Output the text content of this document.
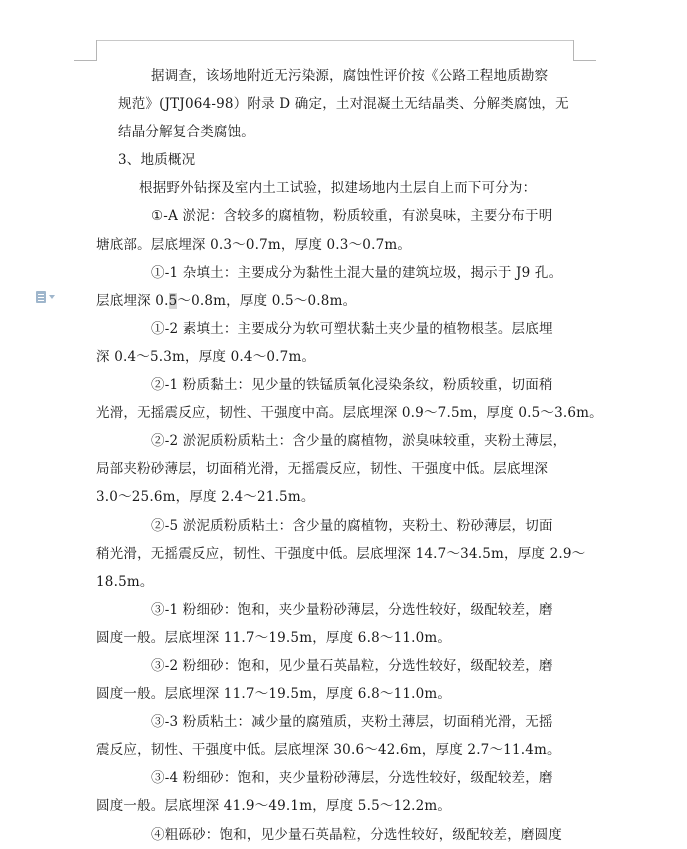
据调查，该场地附近无污染源，腐蚀性评价按《公路工程地质勘察

规范》(JTJ064-98）附录 D 确定，土对混凝土无结晶类、分解类腐蚀，无

结晶分解复合类腐蚀。

3、地质概况

根据野外钻探及室内土工试验，拟建场地内土层自上而下可分为：

①-A 淤泥：含较多的腐植物，粉质较重，有淤臭味，主要分布于明

塘底部。层底埋深 0.3～0.7m，厚度 0.3～0.7m。

①-1 杂填土：主要成分为黏性土混大量的建筑垃圾，揭示于 J9 孔。

层底埋深 0.5～0.8m，厚度 0.5～0.8m。

①-2 素填土：主要成分为软可塑状黏土夹少量的植物根茎。层底埋

深 0.4～5.3m，厚度 0.4～0.7m。

②-1 粉质黏土：见少量的铁锰质氧化浸染条纹，粉质较重，切面稍

光滑，无摇震反应，韧性、干强度中高。层底埋深 0.9～7.5m，厚度 0.5～3.6m。

②-2 淤泥质粉质粘土：含少量的腐植物，淤臭味较重，夹粉土薄层，

局部夹粉砂薄层，切面稍光滑，无摇震反应，韧性、干强度中低。层底埋深

3.0～25.6m，厚度 2.4～21.5m。

②-5 淤泥质粉质粘土：含少量的腐植物，夹粉土、粉砂薄层，切面

稍光滑，无摇震反应，韧性、干强度中低。层底埋深 14.7～34.5m，厚度 2.9～

18.5m。

③-1 粉细砂：饱和，夹少量粉砂薄层，分选性较好，级配较差，磨

圆度一般。层底埋深 11.7～19.5m，厚度 6.8～11.0m。

③-2 粉细砂：饱和，见少量石英晶粒，分选性较好，级配较差，磨

圆度一般。层底埋深 11.7～19.5m，厚度 6.8～11.0m。

③-3 粉质粘土：减少量的腐殖质，夹粉土薄层，切面稍光滑，无摇

震反应，韧性、干强度中低。层底埋深 30.6～42.6m，厚度 2.7～11.4m。

③-4 粉细砂：饱和，夹少量粉砂薄层，分选性较好，级配较差，磨

圆度一般。层底埋深 41.9～49.1m，厚度 5.5～12.2m。

④粗砾砂：饱和，见少量石英晶粒，分选性较好，级配较差，磨圆度
